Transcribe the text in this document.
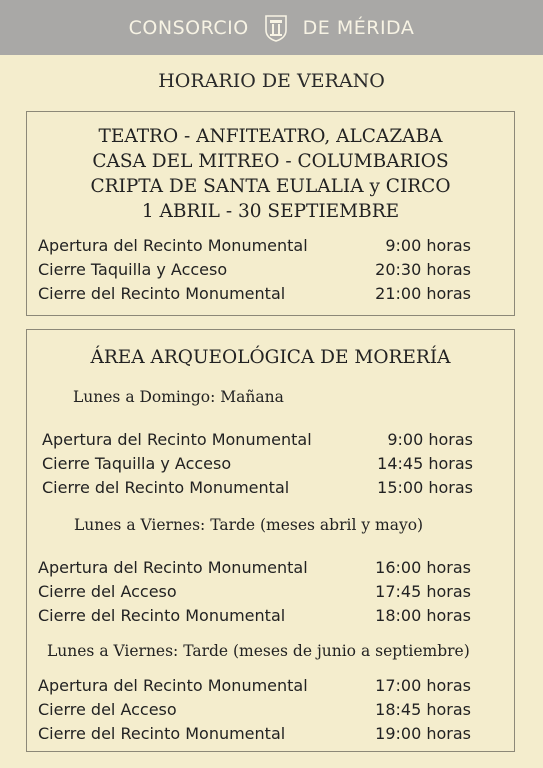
CONSORCIO	DE MÉRIDA
HORARIO DE VERANO
TEATRO - ANFITEATRO, ALCAZABA
CASA DEL MITREO - COLUMBARIOS
CRIPTA DE SANTA EULALIA y CIRCO
1 ABRIL - 30 SEPTIEMBRE
Apertura del Recinto Monumental	9:00 horas
Cierre Taquilla y Acceso	20:30 horas
Cierre del Recinto Monumental	21:00 horas
ÁREA ARQUEOLÓGICA DE MORERÍA
Lunes a Domingo: Mañana
Apertura del Recinto Monumental	9:00 horas
Cierre Taquilla y Acceso	14:45 horas
Cierre del Recinto Monumental	15:00 horas
Lunes a Viernes: Tarde (meses abril y mayo)
Apertura del Recinto Monumental	16:00 horas
Cierre del Acceso	17:45 horas
Cierre del Recinto Monumental	18:00 horas
Lunes a Viernes: Tarde (meses de junio a septiembre)
Apertura del Recinto Monumental	17:00 horas
Cierre del Acceso	18:45 horas
Cierre del Recinto Monumental	19:00 horas
